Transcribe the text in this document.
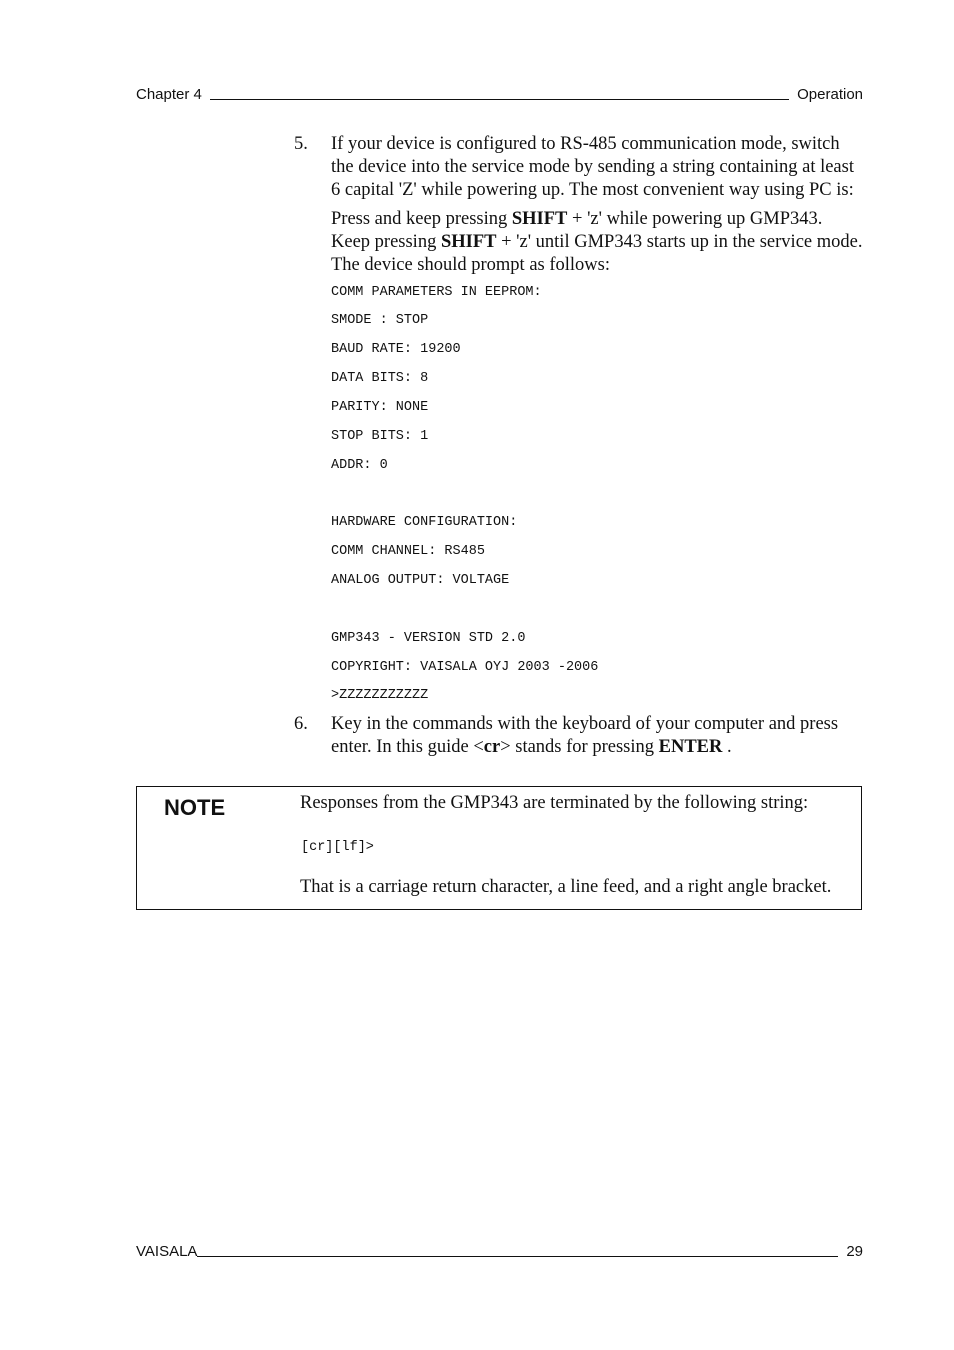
Chapter 4	Operation
5. If your device is configured to RS-485 communication mode, switch the device into the service mode by sending a string containing at least 6 capital 'Z' while powering up. The most convenient way using PC is:

Press and keep pressing SHIFT + 'z' while powering up GMP343. Keep pressing SHIFT + 'z' until GMP343 starts up in the service mode. The device should prompt as follows:

COMM PARAMETERS IN EEPROM:
SMODE : STOP
BAUD RATE: 19200
DATA BITS: 8
PARITY: NONE
STOP BITS: 1
ADDR: 0
HARDWARE CONFIGURATION:
COMM CHANNEL: RS485
ANALOG OUTPUT: VOLTAGE
GMP343 - VERSION STD 2.0
COPYRIGHT: VAISALA OYJ 2003 -2006
>ZZZZZZZZZZZ
6. Key in the commands with the keyboard of your computer and press enter. In this guide <cr> stands for pressing ENTER .

NOTE	Responses from the GMP343 are terminated by the following string:
[cr][lf]>
That is a carriage return character, a line feed, and a right angle bracket.
VAISALA	29
